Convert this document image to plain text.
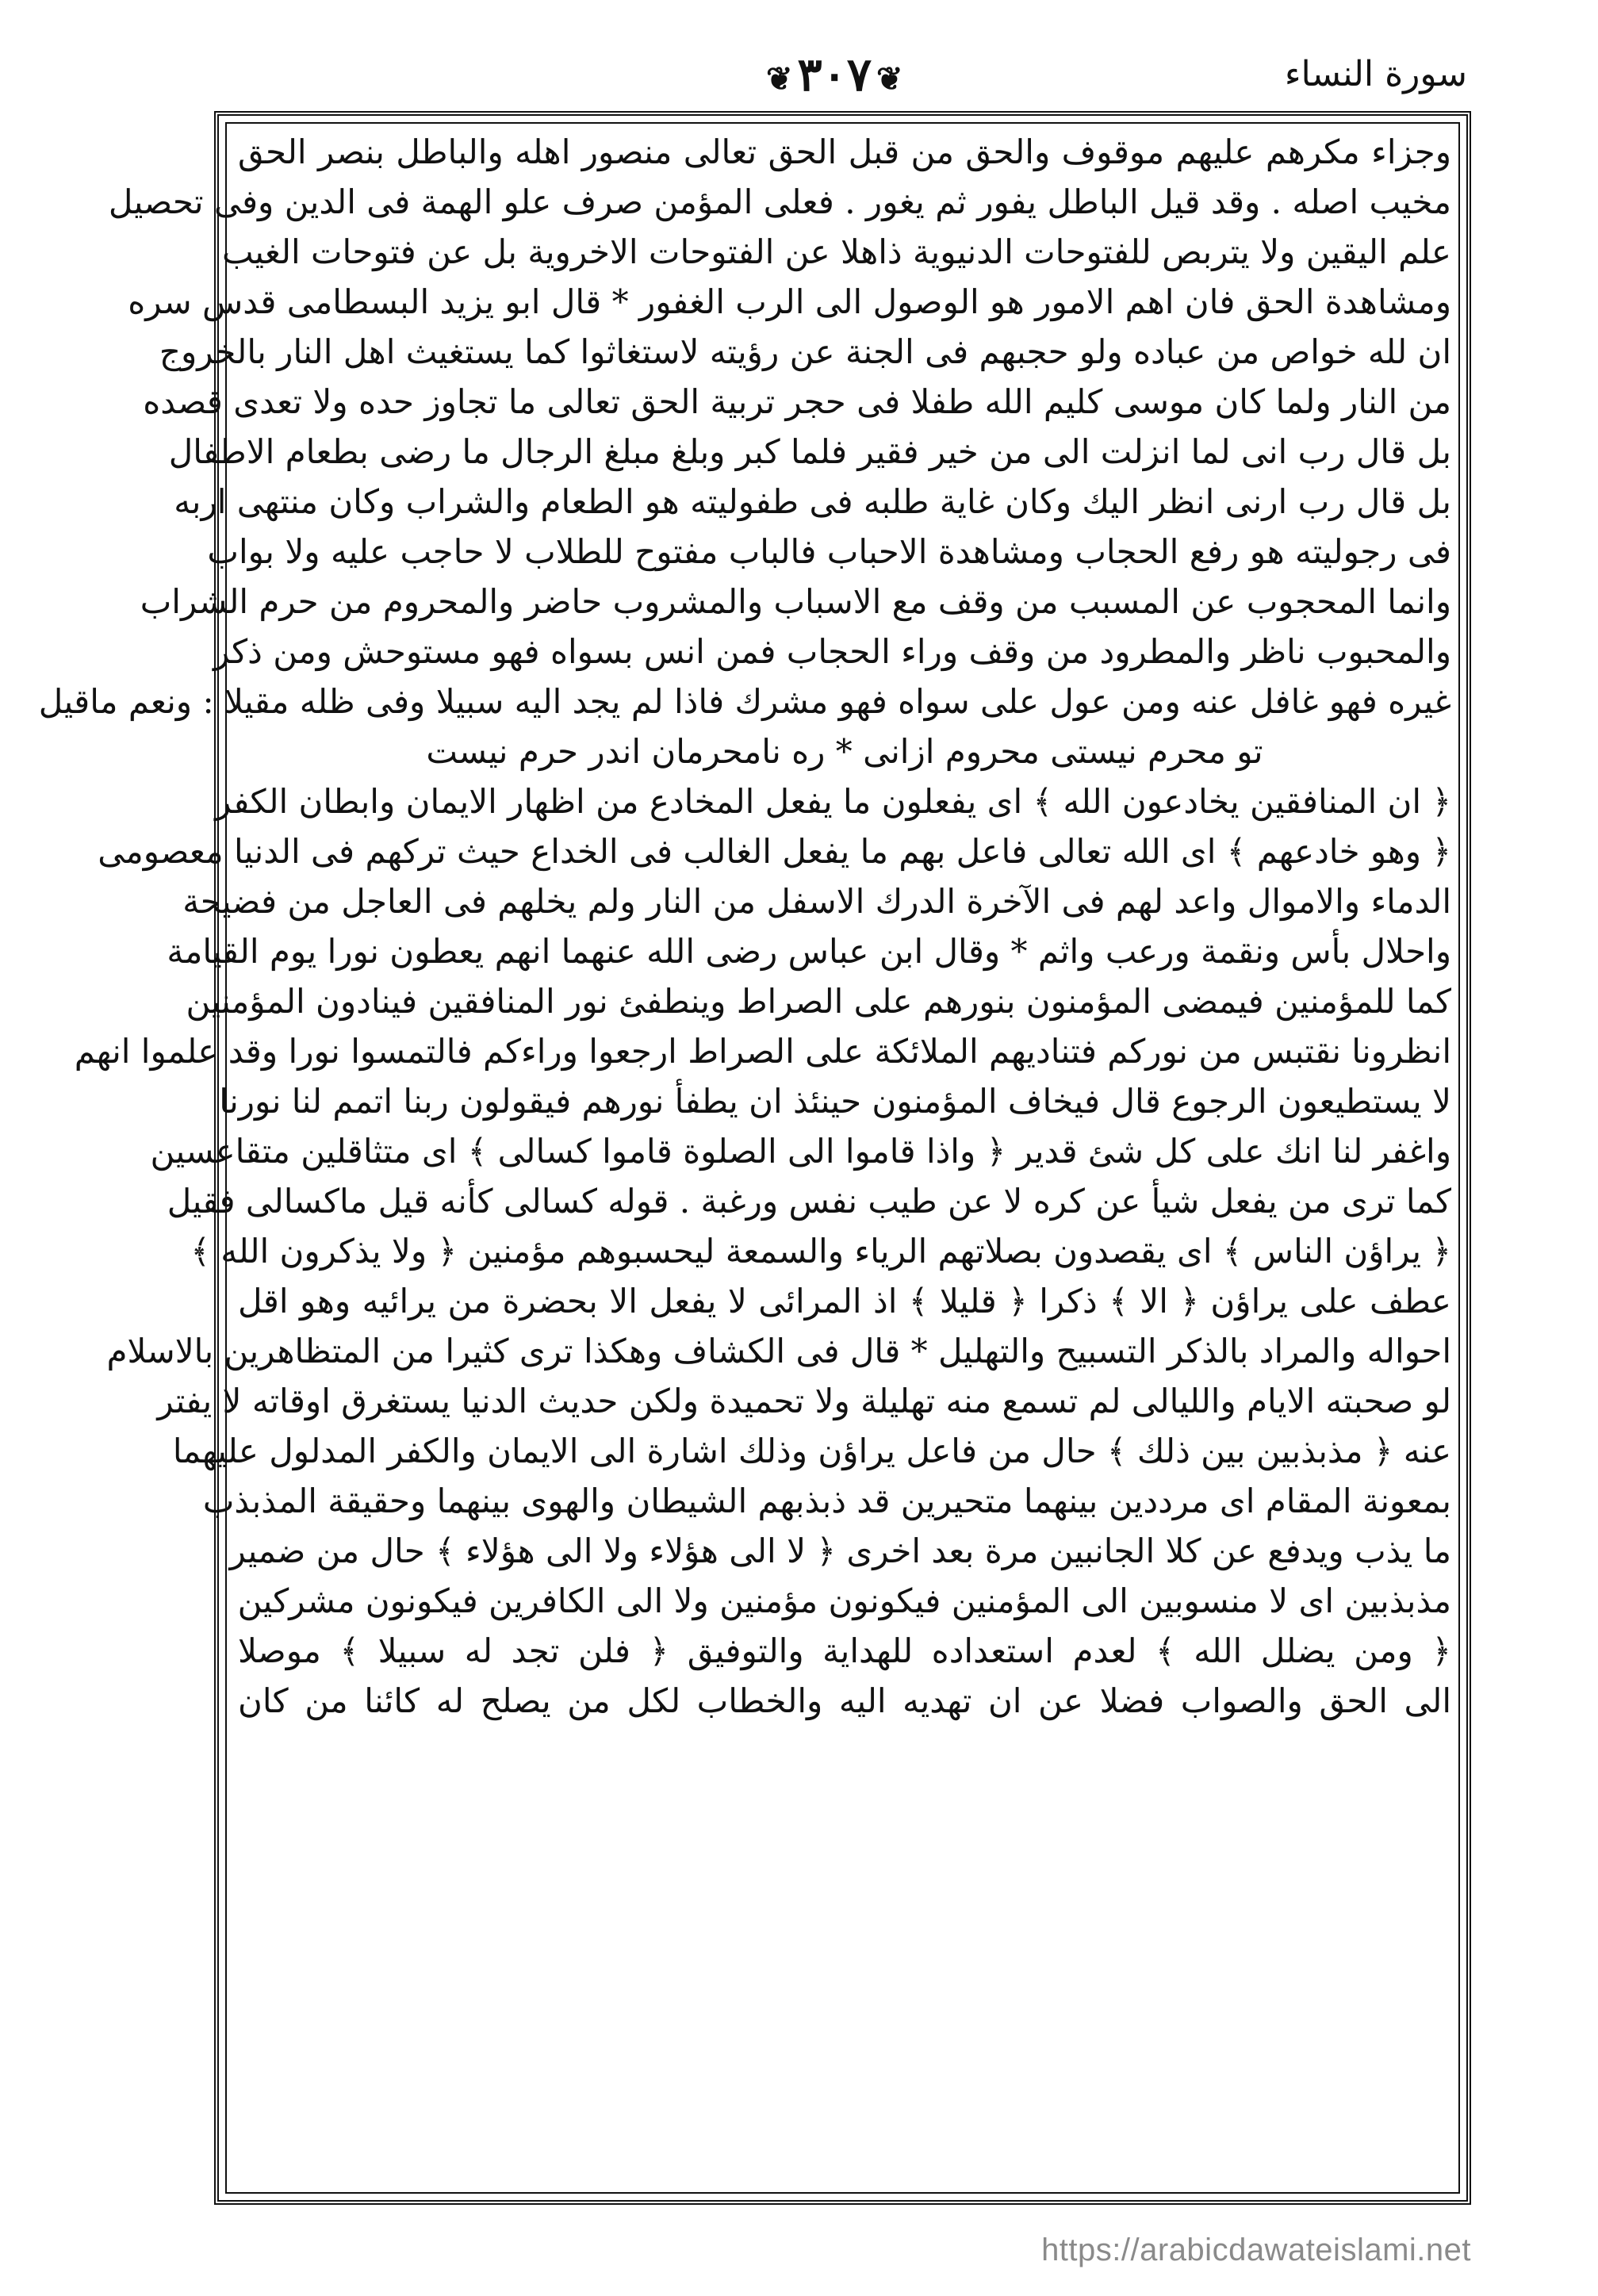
سورة النساء
❦٣٠٧❦
وجزاء مكرهم عليهم موقوف والحق من قبل الحق تعالى منصور اهله والباطل بنصر الحق
مخيب اصله . وقد قيل الباطل يفور ثم يغور . فعلى المؤمن صرف علو الهمة فى الدين وفى تحصيل
علم اليقين ولا يتربص للفتوحات الدنيوية ذاهلا عن الفتوحات الاخروية بل عن فتوحات الغيب
ومشاهدة الحق فان اهم الامور هو الوصول الى الرب الغفور * قال ابو يزيد البسطامى قدس سره
ان لله خواص من عباده ولو حجبهم فى الجنة عن رؤيته لاستغاثوا كما يستغيث اهل النار بالخروج
من النار ولما كان موسى كليم الله طفلا فى حجر تربية الحق تعالى ما تجاوز حده ولا تعدى قصده
بل قال رب انى لما انزلت الى من خير فقير فلما كبر وبلغ مبلغ الرجال ما رضى بطعام الاطفال
بل قال رب ارنى انظر اليك وكان غاية طلبه فى طفوليته هو الطعام والشراب وكان منتهى اربه
فى رجوليته هو رفع الحجاب ومشاهدة الاحباب فالباب مفتوح للطلاب لا حاجب عليه ولا بواب
وانما المحجوب عن المسبب من وقف مع الاسباب والمشروب حاضر والمحروم من حرم الشراب
والمحبوب ناظر والمطرود من وقف وراء الحجاب فمن انس بسواه فهو مستوحش ومن ذكر
غيره فهو غافل عنه ومن عول على سواه فهو مشرك فاذا لم يجد اليه سبيلا وفى ظله مقيلا : ونعم ماقيل
تو محرم نيستى محروم ازانى * ره نامحرمان اندر حرم نيست
﴿ ان المنافقين يخادعون الله ﴾ اى يفعلون ما يفعل المخادع من اظهار الايمان وابطان الكفر
﴿ وهو خادعهم ﴾ اى الله تعالى فاعل بهم ما يفعل الغالب فى الخداع حيث تركهم فى الدنيا معصومى
الدماء والاموال واعد لهم فى الآخرة الدرك الاسفل من النار ولم يخلهم فى العاجل من فضيحة
واحلال بأس ونقمة ورعب واثم * وقال ابن عباس رضى الله عنهما انهم يعطون نورا يوم القيامة
كما للمؤمنين فيمضى المؤمنون بنورهم على الصراط وينطفئ نور المنافقين فينادون المؤمنين
انظرونا نقتبس من نوركم فتناديهم الملائكة على الصراط ارجعوا وراءكم فالتمسوا نورا وقد علموا انهم
لا يستطيعون الرجوع قال فيخاف المؤمنون حينئذ ان يطفأ نورهم فيقولون ربنا اتمم لنا نورنا
واغفر لنا انك على كل شئ قدير ﴿ واذا قاموا الى الصلوة قاموا كسالى ﴾ اى متثاقلين متقاعسين
كما ترى من يفعل شيأ عن كره لا عن طيب نفس ورغبة . قوله كسالى كأنه قيل ماكسالى فقيل
﴿ يراؤن الناس ﴾ اى يقصدون بصلاتهم الرياء والسمعة ليحسبوهم مؤمنين ﴿ ولا يذكرون الله ﴾
عطف على يراؤن ﴿ الا ﴾ ذكرا ﴿ قليلا ﴾ اذ المرائى لا يفعل الا بحضرة من يرائيه وهو اقل
احواله والمراد بالذكر التسبيح والتهليل * قال فى الكشاف وهكذا ترى كثيرا من المتظاهرين بالاسلام
لو صحبته الايام والليالى لم تسمع منه تهليلة ولا تحميدة ولكن حديث الدنيا يستغرق اوقاته لا يفتر
عنه ﴿ مذبذبين بين ذلك ﴾ حال من فاعل يراؤن وذلك اشارة الى الايمان والكفر المدلول عليهما
بمعونة المقام اى مرددين بينهما متحيرين قد ذبذبهم الشيطان والهوى بينهما وحقيقة المذبذب
ما يذب ويدفع عن كلا الجانبين مرة بعد اخرى ﴿ لا الى هؤلاء ولا الى هؤلاء ﴾ حال من ضمير
مذبذبين اى لا منسوبين الى المؤمنين فيكونون مؤمنين ولا الى الكافرين فيكونون مشركين
﴿ ومن يضلل الله ﴾ لعدم استعداده للهداية والتوفيق ﴿ فلن تجد له سبيلا ﴾ موصلا
الى الحق والصواب فضلا عن ان تهديه اليه والخطاب لكل من يصلح له كائنا من كان
https://arabicdawateislami.net
